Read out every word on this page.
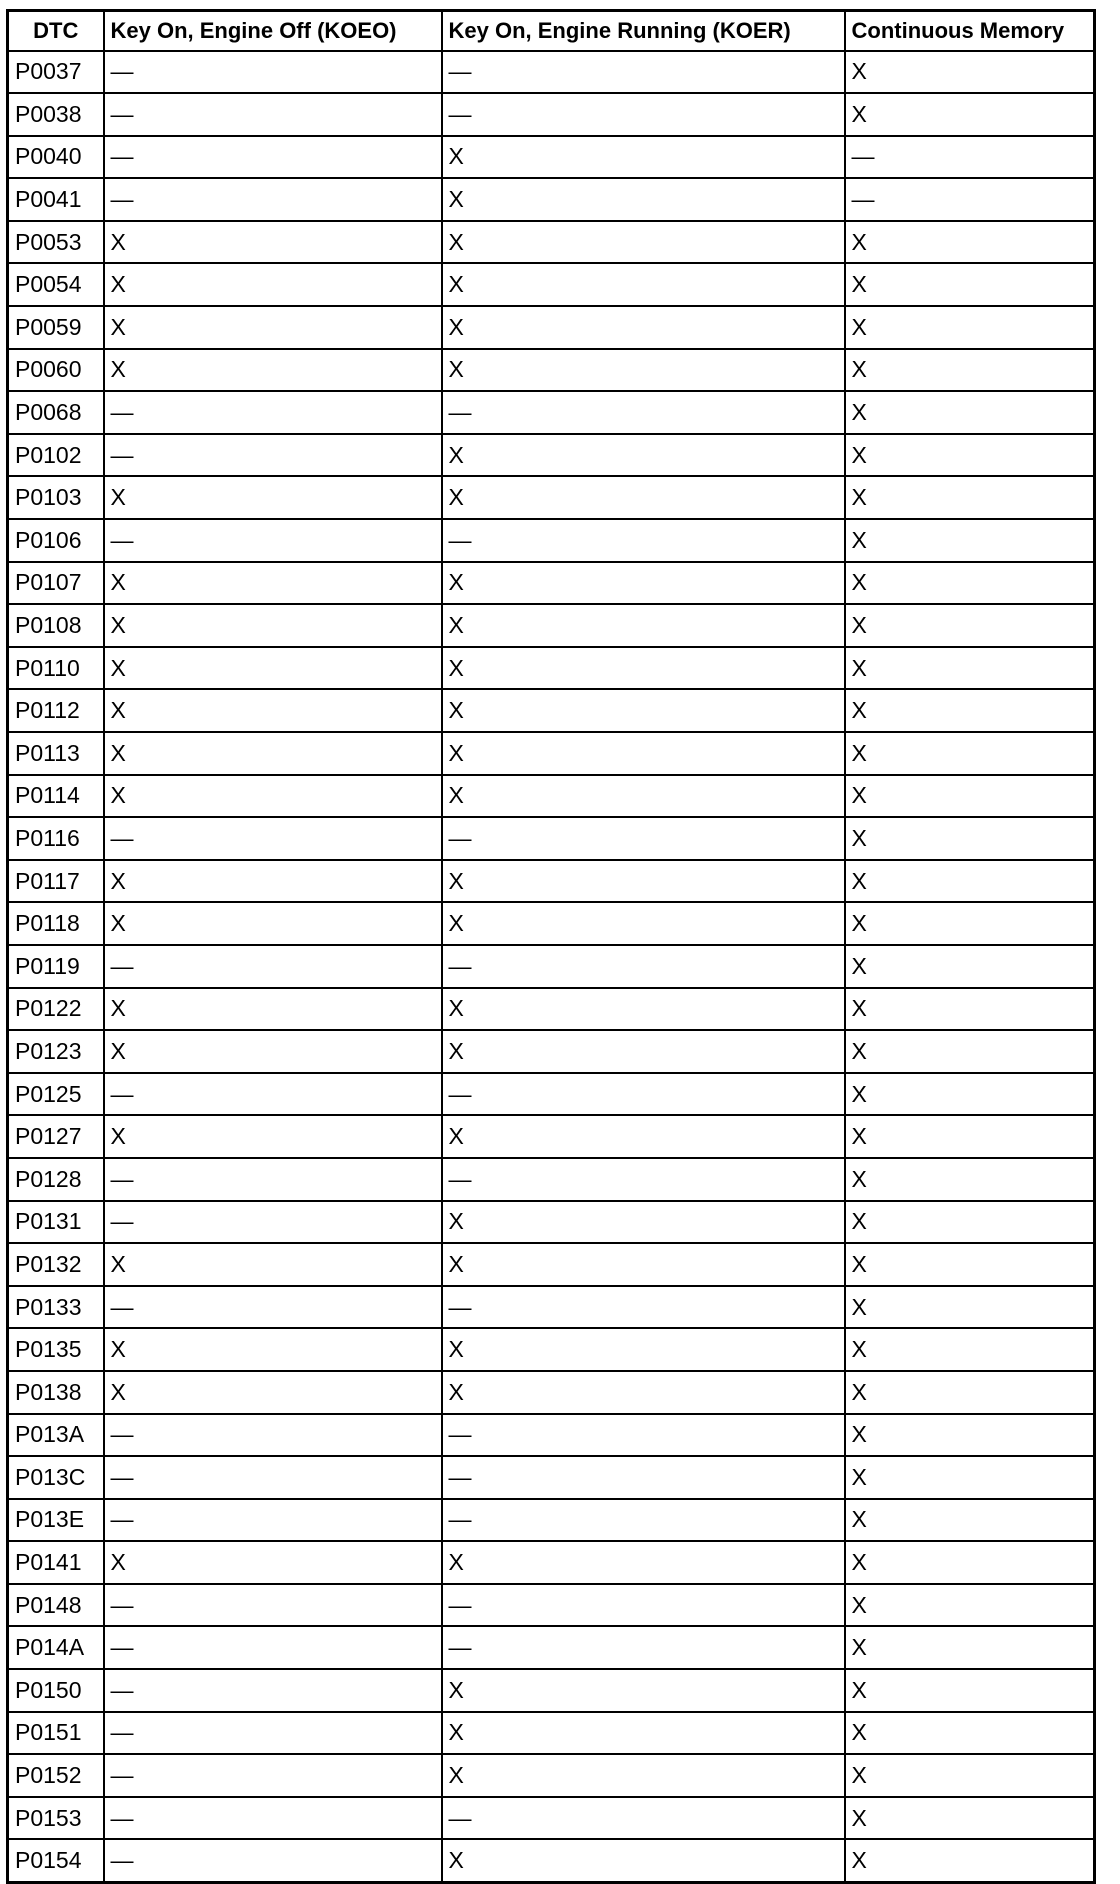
DTC	Key On, Engine Off (KOEO)	Key On, Engine Running (KOER)	Continuous Memory
P0037	—	—	X
P0038	—	—	X
P0040	—	X	—
P0041	—	X	—
P0053	X	X	X
P0054	X	X	X
P0059	X	X	X
P0060	X	X	X
P0068	—	—	X
P0102	—	X	X
P0103	X	X	X
P0106	—	—	X
P0107	X	X	X
P0108	X	X	X
P0110	X	X	X
P0112	X	X	X
P0113	X	X	X
P0114	X	X	X
P0116	—	—	X
P0117	X	X	X
P0118	X	X	X
P0119	—	—	X
P0122	X	X	X
P0123	X	X	X
P0125	—	—	X
P0127	X	X	X
P0128	—	—	X
P0131	—	X	X
P0132	X	X	X
P0133	—	—	X
P0135	X	X	X
P0138	X	X	X
P013A	—	—	X
P013C	—	—	X
P013E	—	—	X
P0141	X	X	X
P0148	—	—	X
P014A	—	—	X
P0150	—	X	X
P0151	—	X	X
P0152	—	X	X
P0153	—	—	X
P0154	—	X	X
